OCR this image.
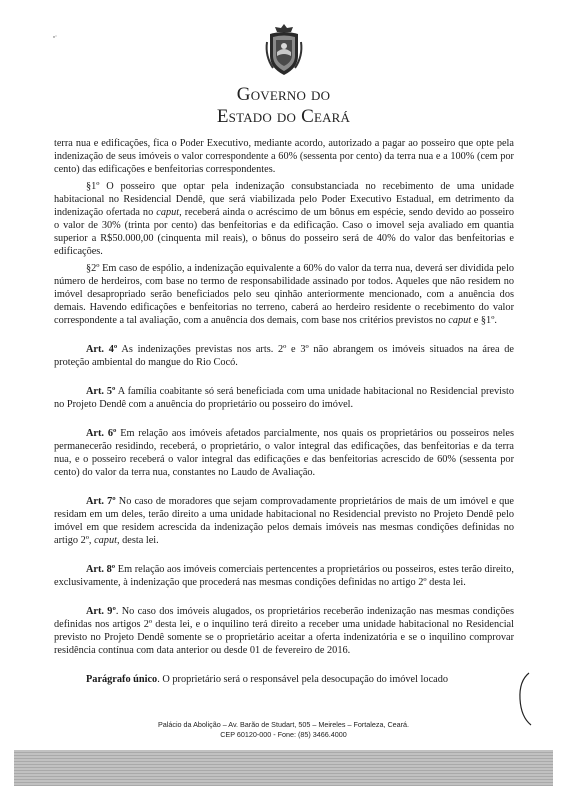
GOVERNO DO
ESTADO DO CEARÁ

terra nua e edificações, fica o Poder Executivo, mediante acordo, autorizado a pagar ao posseiro que opte pela indenização de seus imóveis o valor correspondente a 60% (sessenta por cento) da terra nua e a 100% (cem por cento) das edificações e benfeitorias correspondentes.

§1º O posseiro que optar pela indenização consubstanciada no recebimento de uma unidade habitacional no Residencial Dendê, que será viabilizada pelo Poder Executivo Estadual, em detrimento da indenização ofertada no caput, receberá ainda o acréscimo de um bônus em espécie, sendo devido ao posseiro o valor de 30% (trinta por cento) das benfeitorias e da edificação. Caso o imovel seja avaliado em quantia superior a R$50.000,00 (cinquenta mil reais), o bônus do posseiro será de 40% do valor das benfeitorias e edificações.

§2º Em caso de espólio, a indenização equivalente a 60% do valor da terra nua, deverá ser dividida pelo número de herdeiros, com base no termo de responsabilidade assinado por todos. Aqueles que não residem no imóvel desapropriado serão beneficiados pelo seu qinhão anteriormente mencionado, com a anuência dos demais. Havendo edificações e benfeitorias no terreno, caberá ao herdeiro residente o recebimento do valor correspondente a tal avaliação, com a anuência dos demais, com base nos critérios previstos no caput e §1º.

Art. 4º As indenizações previstas nos arts. 2º e 3º não abrangem os imóveis situados na área de proteção ambiental do mangue do Rio Cocó.

Art. 5º A família coabitante só será beneficiada com uma unidade habitacional no Residencial previsto no Projeto Dendê com a anuência do proprietário ou posseiro do imóvel.

Art. 6º Em relação aos imóveis afetados parcialmente, nos quais os proprietários ou posseiros neles permanecerão residindo, receberá, o proprietário, o valor integral das edificações, das benfeitorias e da terra nua, e o posseiro receberá o valor integral das edificações e das benfeitorias acrescido de 60% (sessenta por cento) do valor da terra nua, constantes no Laudo de Avaliação.

Art. 7º No caso de moradores que sejam comprovadamente proprietários de mais de um imóvel e que residam em um deles, terão direito a uma unidade habitacional no Residencial previsto no Projeto Dendê pelo imóvel em que residem acrescida da indenização pelos demais imóveis nas mesmas condições definidas no artigo 2º, caput, desta lei.

Art. 8º Em relação aos imóveis comerciais pertencentes a proprietários ou posseiros, estes terão direito, exclusivamente, à indenização que procederá nas mesmas condições definidas no artigo 2º desta lei.

Art. 9º. No caso dos imóveis alugados, os proprietários receberão indenização nas mesmas condições definidas nos artigos 2º desta lei, e o inquilino terá direito a receber uma unidade habitacional no Residencial previsto no Projeto Dendê somente se o proprietário aceitar a oferta indenizatória e se o inquilino comprovar residência contínua com data anterior ou desde 01 de fevereiro de 2016.

Parágrafo único. O proprietário será o responsável pela desocupação do imóvel locado

Palácio da Abolição – Av. Barão de Studart, 505 – Meireles – Fortaleza, Ceará.
CEP 60120-000 - Fone: (85) 3466.4000
